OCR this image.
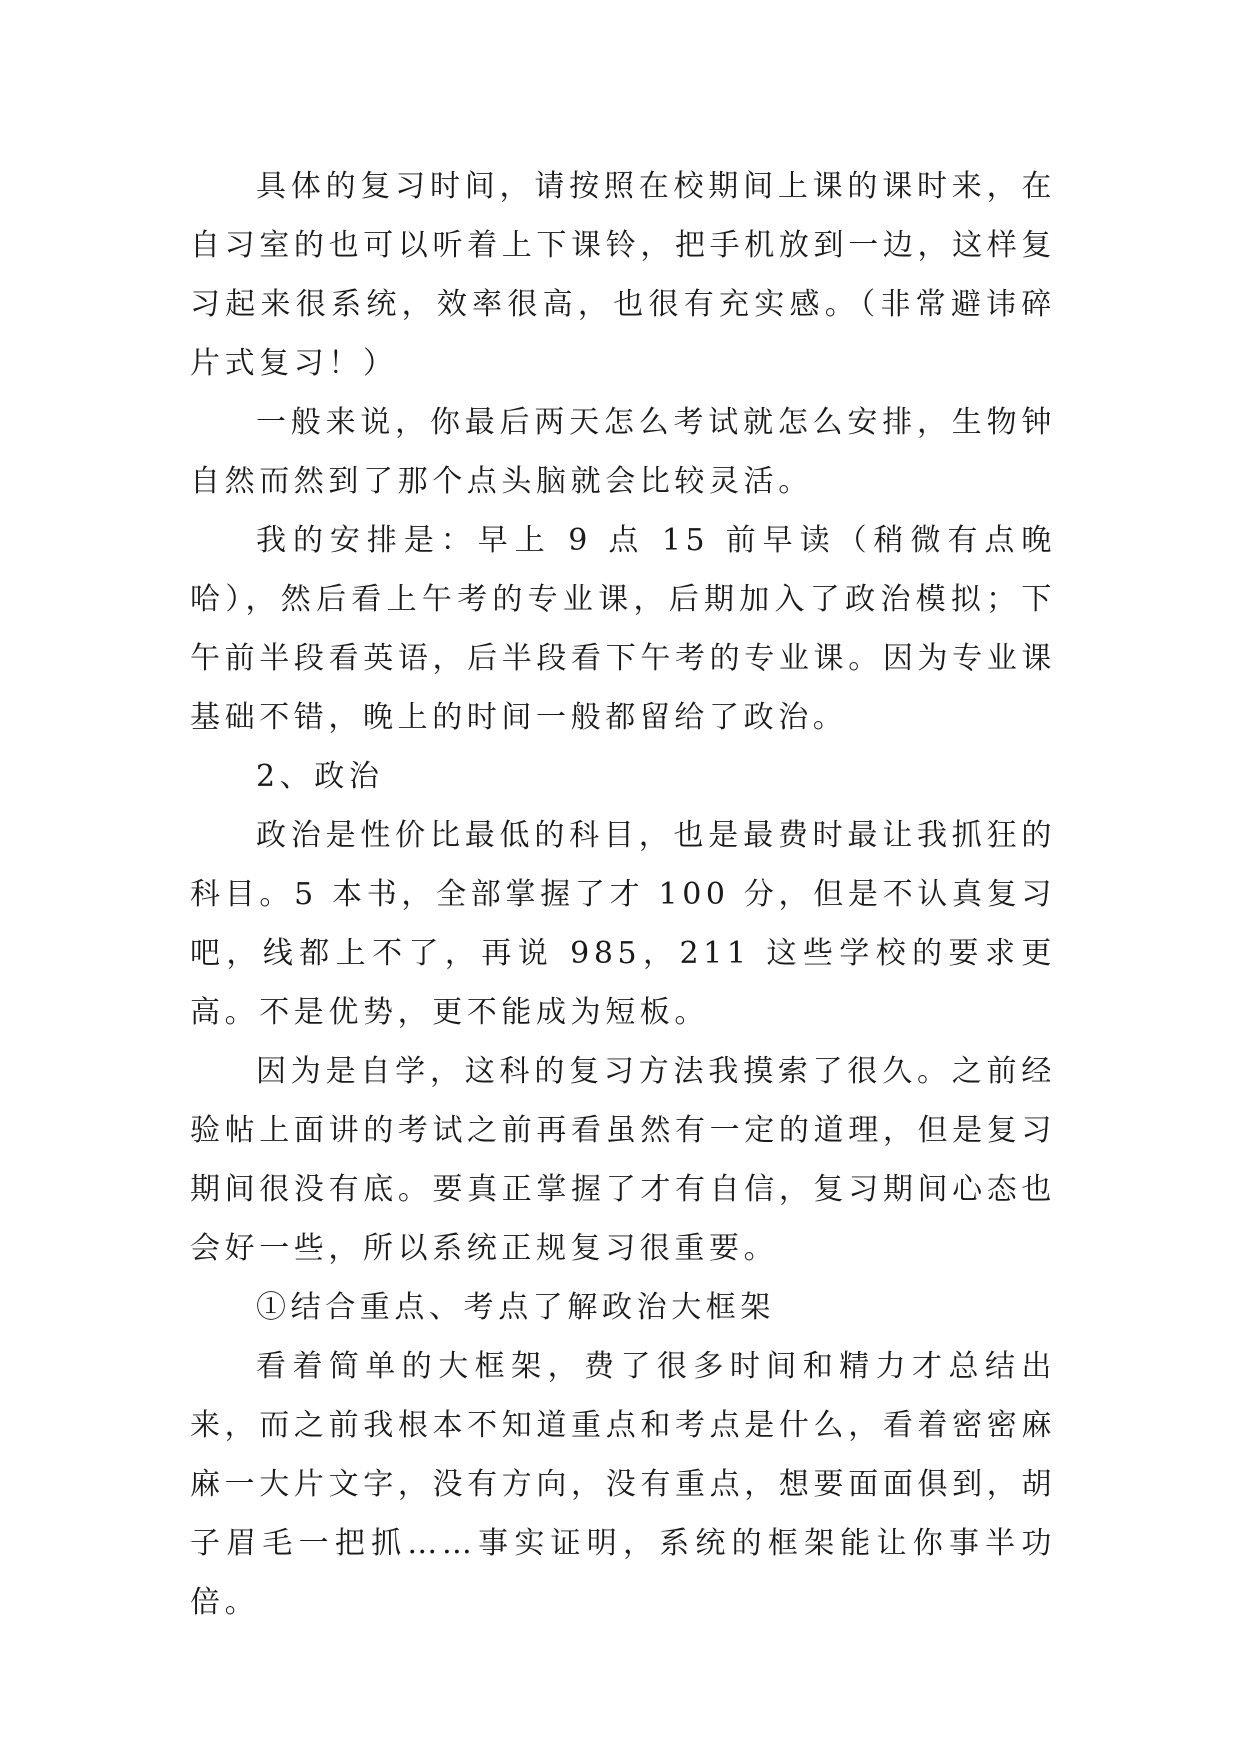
具体的复习时间，请按照在校期间上课的课时来，在自习室的也可以听着上下课铃，把手机放到一边，这样复习起来很系统，效率很高，也很有充实感。（非常避讳碎片式复习！）

一般来说，你最后两天怎么考试就怎么安排，生物钟自然而然到了那个点头脑就会比较灵活。

我的安排是：早上 9 点 15 前早读（稍微有点晚哈），然后看上午考的专业课，后期加入了政治模拟；下午前半段看英语，后半段看下午考的专业课。因为专业课基础不错，晚上的时间一般都留给了政治。

2、政治

政治是性价比最低的科目，也是最费时最让我抓狂的科目。5 本书，全部掌握了才 100 分，但是不认真复习吧，线都上不了，再说 985，211 这些学校的要求更高。不是优势，更不能成为短板。

因为是自学，这科的复习方法我摸索了很久。之前经验帖上面讲的考试之前再看虽然有一定的道理，但是复习期间很没有底。要真正掌握了才有自信，复习期间心态也会好一些，所以系统正规复习很重要。

①结合重点、考点了解政治大框架

看着简单的大框架，费了很多时间和精力才总结出来，而之前我根本不知道重点和考点是什么，看着密密麻麻一大片文字，没有方向，没有重点，想要面面俱到，胡子眉毛一把抓……事实证明，系统的框架能让你事半功倍。
